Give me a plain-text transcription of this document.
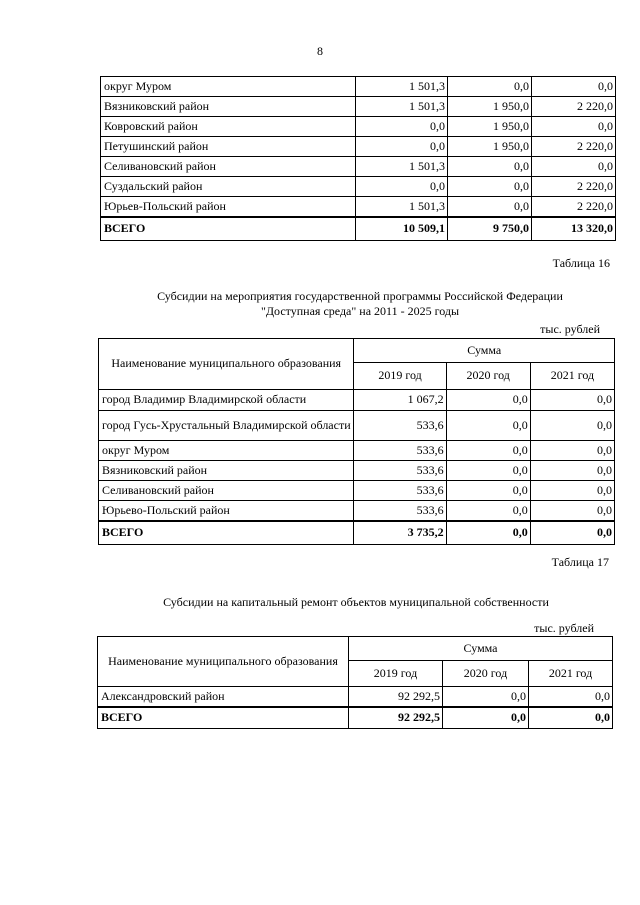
8
округ Муром	1 501,3	0,0	0,0
Вязниковский район	1 501,3	1 950,0	2 220,0
Ковровский район	0,0	1 950,0	0,0
Петушинский район	0,0	1 950,0	2 220,0
Селивановский район	1 501,3	0,0	0,0
Суздальский район	0,0	0,0	2 220,0
Юрьев-Польский район	1 501,3	0,0	2 220,0
ВСЕГО	10 509,1	9 750,0	13 320,0
Таблица 16
Субсидии на мероприятия государственной программы Российской Федерации
"Доступная среда" на 2011 - 2025 годы
тыс. рублей
Наименование муниципального образования	Сумма		
	2019 год	2020 год	2021 год
город Владимир Владимирской области	1 067,2	0,0	0,0
город Гусь-Хрустальный Владимирской области	533,6	0,0	0,0
округ Муром	533,6	0,0	0,0
Вязниковский район	533,6	0,0	0,0
Селивановский район	533,6	0,0	0,0
Юрьево-Польский район	533,6	0,0	0,0
ВСЕГО	3 735,2	0,0	0,0
Таблица 17
Субсидии на капитальный ремонт объектов муниципальной собственности
тыс. рублей
Наименование муниципального образования	Сумма		
	2019 год	2020 год	2021 год
Александровский район	92 292,5	0,0	0,0
ВСЕГО	92 292,5	0,0	0,0
